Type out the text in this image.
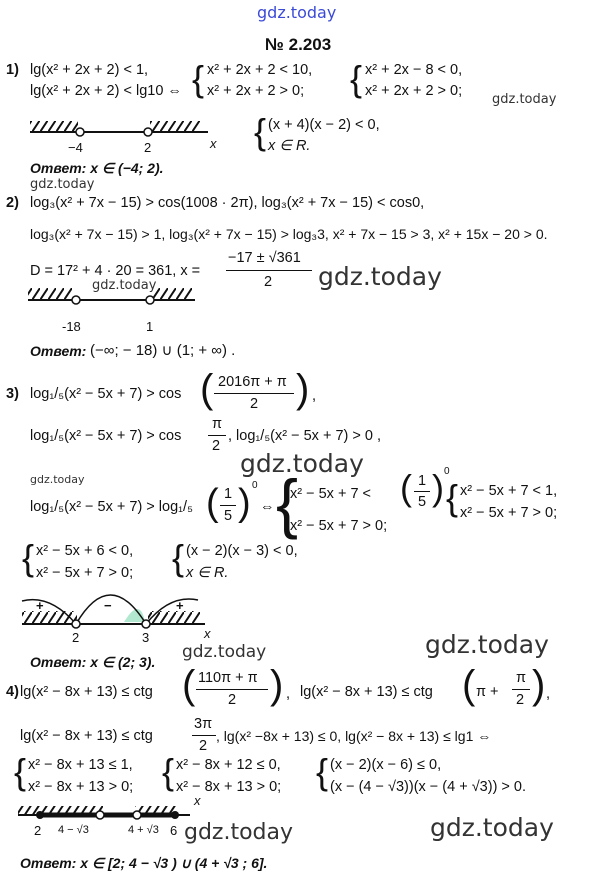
gdz.today
№ 2.203
1) lg(x² + 2x + 2) < 1,
lg(x² + 2x + 2) < lg10 ⇔ { x² + 2x + 2 < 10,
x² + 2x + 2 > 0; { x² + 2x − 8 < 0,
x² + 2x + 2 > 0;
gdz.today
{ (x + 4)(x − 2) < 0,
x ∈ R.
−4	2	x
Ответ: x ∈ (−4; 2).
gdz.today
2) log₃(x² + 7x − 15) > cos(1008 · 2π), log₃(x² + 7x − 15) < cos0,
log₃(x² + 7x − 15) > 1, log₃(x² + 7x − 15) > log₃3, x² + 7x − 15 > 3, x² + 15x − 20 > 0.
D = 17² + 4 · 20 = 361, x =
−17 ± √361
2 gdz.today
gdz.today
-18	1
Ответ: (−∞; − 18) ∪ (1; + ∞) .
3) log₁/₅(x² − 5x + 7) > cos ( 2016π + π
2 ) ,
log₁/₅(x² − 5x + 7) > cos
π
2
, log₁/₅(x² − 5x + 7) > 0 ,
gdz.today
gdz.today
log₁/₅(x² − 5x + 7) > log₁/₅ ( 1
5 ) 0
⇔ {
x² − 5x + 7 < ( 1
5 ) 0
x² − 5x + 7 > 0;
{ x² − 5x + 7 < 1,
x² − 5x + 7 > 0;
{ x² − 5x + 6 < 0,
x² − 5x + 7 > 0; { (x − 2)(x − 3) < 0,
x ∈ R.
+	−	+
2	3	x
gdz.today	gdz.today
Ответ: x ∈ (2; 3).
4) lg(x² − 8x + 13) ≤ ctg ( 110π + π
2 ) , lg(x² − 8x + 13) ≤ ctg ( π +
π
2 ) ,
lg(x² − 8x + 13) ≤ ctg
3π
2
, lg(x² −8x + 13) ≤ 0, lg(x² − 8x + 13) ≤ lg1 ⇔
{ x² − 8x + 13 ≤ 1,
x² − 8x + 13 > 0; { x² − 8x + 12 ≤ 0,
x² − 8x + 13 > 0; { (x − 2)(x − 6) ≤ 0,
(x − (4 − √3))(x − (4 + √3)) > 0.
x
2 4 − √3	4 + √3 6 gdz.today	gdz.today
Ответ: x ∈ [2; 4 − √3 ) ∪ (4 + √3 ; 6].
